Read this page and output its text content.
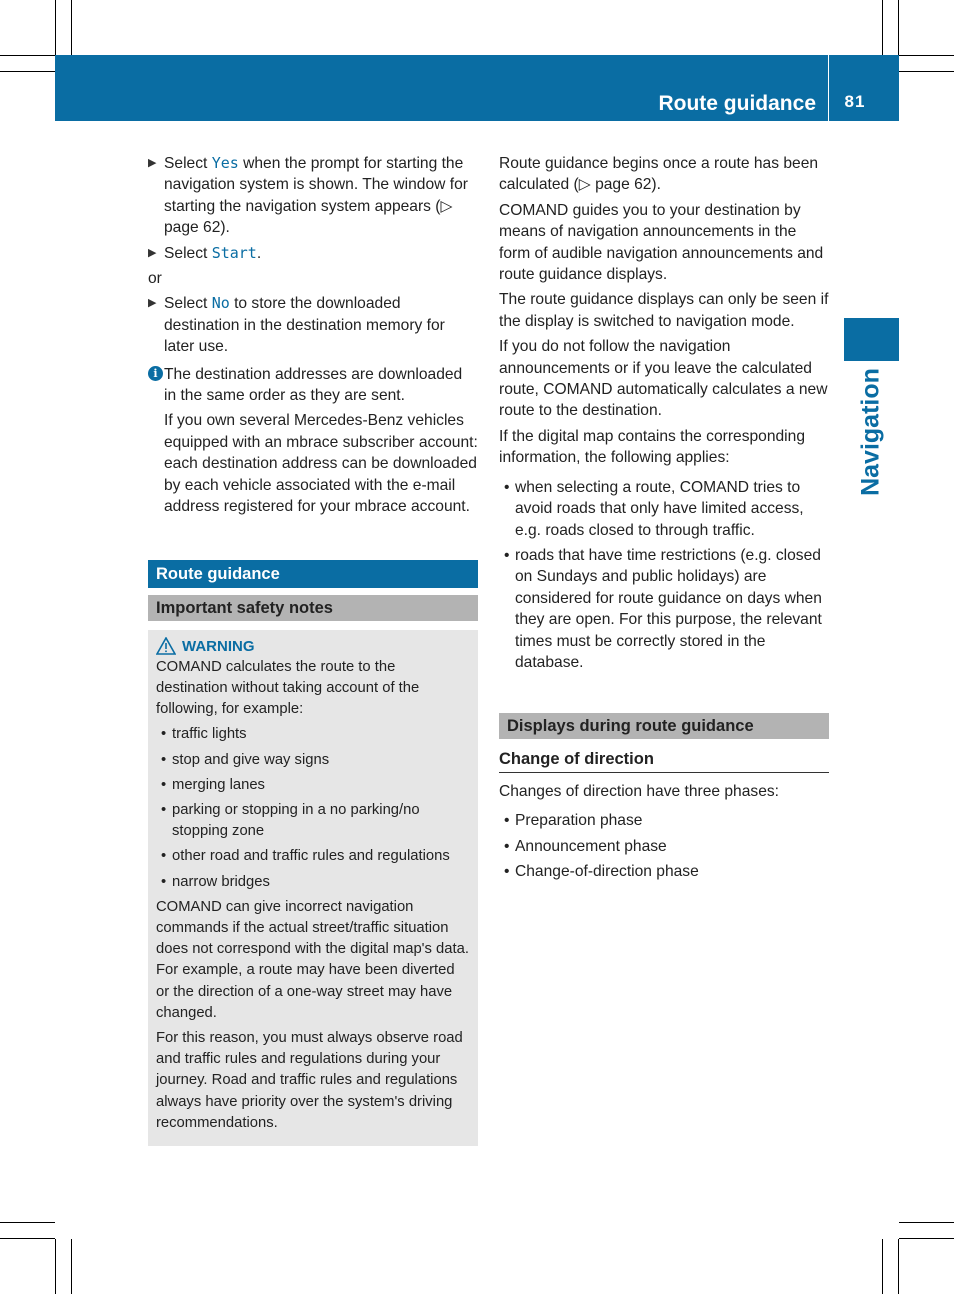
Route guidance	81
Navigation
▶ Select Yes when the prompt for starting the navigation system is shown. The window for starting the navigation system appears (▷ page 62).
▶ Select Start.

or

▶ Select No to store the downloaded destination in the destination memory for later use.
i The destination addresses are downloaded in the same order as they are sent.

If you own several Mercedes-Benz vehicles equipped with an mbrace subscriber account: each destination address can be downloaded by each vehicle associated with the e-mail address registered for your mbrace account.

Route guidance
Important safety notes
WARNING

COMAND calculates the route to the destination without taking account of the following, for example:

• traffic lights
• stop and give way signs
• merging lanes
• parking or stopping in a no parking/no stopping zone
• other road and traffic rules and regulations
• narrow bridges

COMAND can give incorrect navigation commands if the actual street/traffic situation does not correspond with the digital map's data. For example, a route may have been diverted or the direction of a one-way street may have changed.

For this reason, you must always observe road and traffic rules and regulations during your journey. Road and traffic rules and regulations always have priority over the system's driving recommendations.

Route guidance begins once a route has been calculated (▷ page 62).

COMAND guides you to your destination by means of navigation announcements in the form of audible navigation announcements and route guidance displays.

The route guidance displays can only be seen if the display is switched to navigation mode.

If you do not follow the navigation announcements or if you leave the calculated route, COMAND automatically calculates a new route to the destination.

If the digital map contains the corresponding information, the following applies:

• when selecting a route, COMAND tries to avoid roads that only have limited access, e.g. roads closed to through traffic.
• roads that have time restrictions (e.g. closed on Sundays and public holidays) are considered for route guidance on days when they are open. For this purpose, the relevant times must be correctly stored in the database.
Displays during route guidance
Change of direction

Changes of direction have three phases:

• Preparation phase
• Announcement phase
• Change-of-direction phase
